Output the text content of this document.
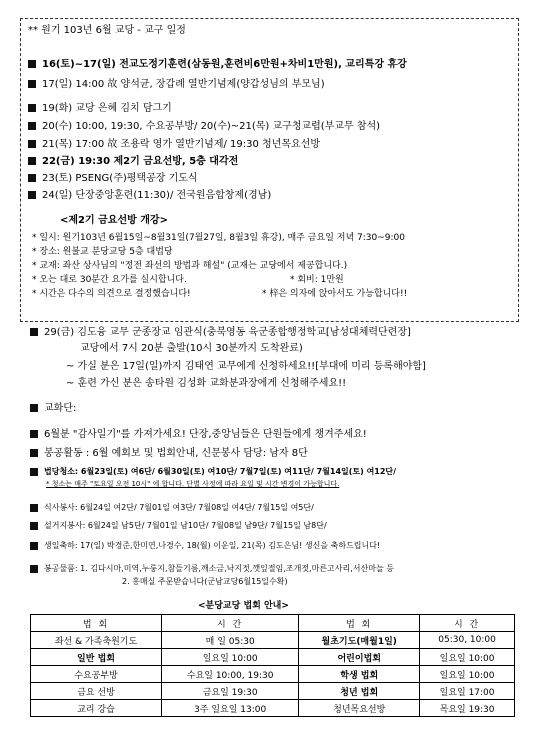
** 원기 103년 6월 교당 - 교구 일정
16(토)~17(일) 전교도정기훈련(삼동원,훈련비6만원+차비1만원), 교리특강 휴강
17(일) 14:00 故 양석균, 장갑례 열반기념제(양갑성님의 부모님)
19(화) 교당 은혜 김치 담그기
20(수) 10:00, 19:30, 수요공부방/ 20(수)~21(목) 교구청교렵(부교무 참석)
21(목) 17:00 故 조용락 영가 열반기념제/ 19:30 청년목요선방
22(금) 19:30 제2기 금요선방, 5층 대각전
23(토) PSENG(주)평택공장 기도식
24(일) 단장중앙훈련(11:30)/ 전국원음합창제(경남)
<제2기 금요선방 개강>
* 일시: 원기103년 6월15일~8월31일(7월27일, 8월3일 휴강), 매주 금요일 저녁 7:30~9:00
* 장소: 원불교 분당교당 5층 대법당
* 교재: 좌산 상사님의 "정전 좌선의 방법과 해설" (교재는 교당에서 제공합니다.)
* 오는 대로 30분간 요가를 실시합니다.	* 회비: 1만원
* 시간은 다수의 의견으로 결정했습니다!	* 梓은 의자에 앉아서도 가능합니다!!
29(금) 김도융 교무 군종장교 임관식(충북영동 육군종합행정학교[남성대체력단련장]
교당에서 7시 20분 출발(10시 30분까지 도착완료)
~ 가실 분은 17일(일)까지 김태연 교무에게 신청하세요!![부대에 미리 등록해야함]
~ 훈련 가신 분은 송타원 김성화 교화분과장에게 신청해주세요!!
교화단:
6월분 "감사일기"를 가져가세요! 단장,중앙님들은 단원들에게 챙겨주세요!
봉공활동 : 6월 예회보 및 법회안내, 신문봉사 담당: 남자 8단
법당청소: 6월23일(토) 여6단/ 6월30일(토) 여10단/ 7월7일(토) 여11단/ 7월14일(토) 여12단/
* 청소는 매주 "토요일 오전 10시" 에 합니다. 단별 사정에 따라 요일 및 시간 변경이 가능합니다.
식사봉사: 6월24일 여2단/ 7월01일 여3단/ 7월08일 여4단/ 7월15일 여5단/
설거지봉사: 6월24일 남5단/ 7월01일 남10단/ 7월08일 남9단/ 7월15일 남8단/
생일축하: 17(일) 박경준,한미연,나경수, 18(월) 이운일, 21(목) 김도은님! 생신을 축하드립니다!
봉공물품: 1. 김다시마,미역,누룽지,참들기름,깨소금,낙지젓,깻잎절임,조개젓,마른고사리,서산마늘 등
2. 홍매실 주문받습니다(군남교당6월15일수확)
<분당교당 법회 안내>
법 회	시 간	법 회	시 간
좌선 & 가족축원기도	매 일 05:30	월초기도(매월1일)	05:30, 10:00
일반 법회	일요일 10:00	어린이법회	일요일 10:00
수요공부방	수요일 10:00, 19:30	학생 법회	일요일 10:00
금요 선방	금요일 19:30	청년 법회	일요일 17:00
교리 강습	3주 일요일 13:00	청년목요선방	목요일 19:30
